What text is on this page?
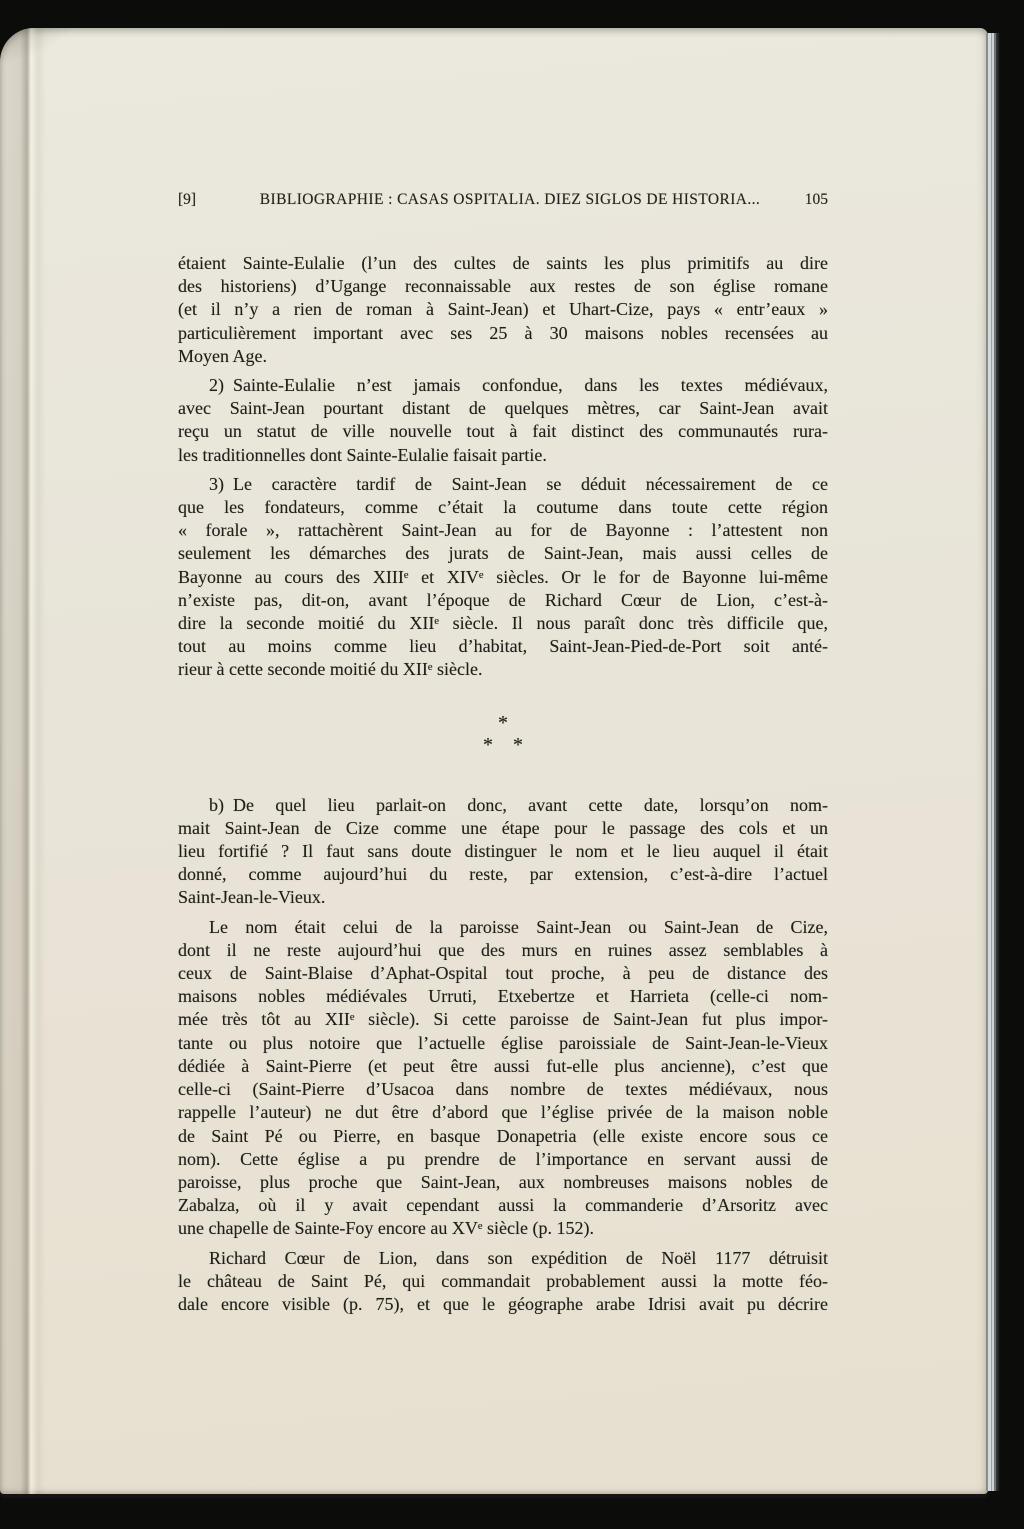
[9]	BIBLIOGRAPHIE : CASAS OSPITALIA. DIEZ SIGLOS DE HISTORIA...	105
étaient Sainte-Eulalie (l’un des cultes de saints les plus primitifs au dire
des historiens) d’Ugange reconnaissable aux restes de son église romane
(et il n’y a rien de roman à Saint-Jean) et Uhart-Cize, pays « entr’eaux »
particulièrement important avec ses 25 à 30 maisons nobles recensées au
Moyen Age.
2) Sainte-Eulalie n’est jamais confondue, dans les textes médiévaux,
avec Saint-Jean pourtant distant de quelques mètres, car Saint-Jean avait
reçu un statut de ville nouvelle tout à fait distinct des communautés rura-
les traditionnelles dont Sainte-Eulalie faisait partie.
3) Le caractère tardif de Saint-Jean se déduit nécessairement de ce
que les fondateurs, comme c’était la coutume dans toute cette région
« forale », rattachèrent Saint-Jean au for de Bayonne : l’attestent non
seulement les démarches des jurats de Saint-Jean, mais aussi celles de
Bayonne au cours des XIIIᵉ et XIVᵉ siècles. Or le for de Bayonne lui-même
n’existe pas, dit-on, avant l’époque de Richard Cœur de Lion, c’est-à-
dire la seconde moitié du XIIᵉ siècle. Il nous paraît donc très difficile que,
tout au moins comme lieu d’habitat, Saint-Jean-Pied-de-Port soit anté-
rieur à cette seconde moitié du XIIᵉ siècle.
*
*  *
b) De quel lieu parlait-on donc, avant cette date, lorsqu’on nom-
mait Saint-Jean de Cize comme une étape pour le passage des cols et un
lieu fortifié ? Il faut sans doute distinguer le nom et le lieu auquel il était
donné, comme aujourd’hui du reste, par extension, c’est-à-dire l’actuel
Saint-Jean-le-Vieux.
Le nom était celui de la paroisse Saint-Jean ou Saint-Jean de Cize,
dont il ne reste aujourd’hui que des murs en ruines assez semblables à
ceux de Saint-Blaise d’Aphat-Ospital tout proche, à peu de distance des
maisons nobles médiévales Urruti, Etxebertze et Harrieta (celle-ci nom-
mée très tôt au XIIᵉ siècle). Si cette paroisse de Saint-Jean fut plus impor-
tante ou plus notoire que l’actuelle église paroissiale de Saint-Jean-le-Vieux
dédiée à Saint-Pierre (et peut être aussi fut-elle plus ancienne), c’est que
celle-ci (Saint-Pierre d’Usacoa dans nombre de textes médiévaux, nous
rappelle l’auteur) ne dut être d’abord que l’église privée de la maison noble
de Saint Pé ou Pierre, en basque Donapetria (elle existe encore sous ce
nom). Cette église a pu prendre de l’importance en servant aussi de
paroisse, plus proche que Saint-Jean, aux nombreuses maisons nobles de
Zabalza, où il y avait cependant aussi la commanderie d’Arsoritz avec
une chapelle de Sainte-Foy encore au XVᵉ siècle (p. 152).
Richard Cœur de Lion, dans son expédition de Noël 1177 détruisit
le château de Saint Pé, qui commandait probablement aussi la motte féo-
dale encore visible (p. 75), et que le géographe arabe Idrisi avait pu décrire
